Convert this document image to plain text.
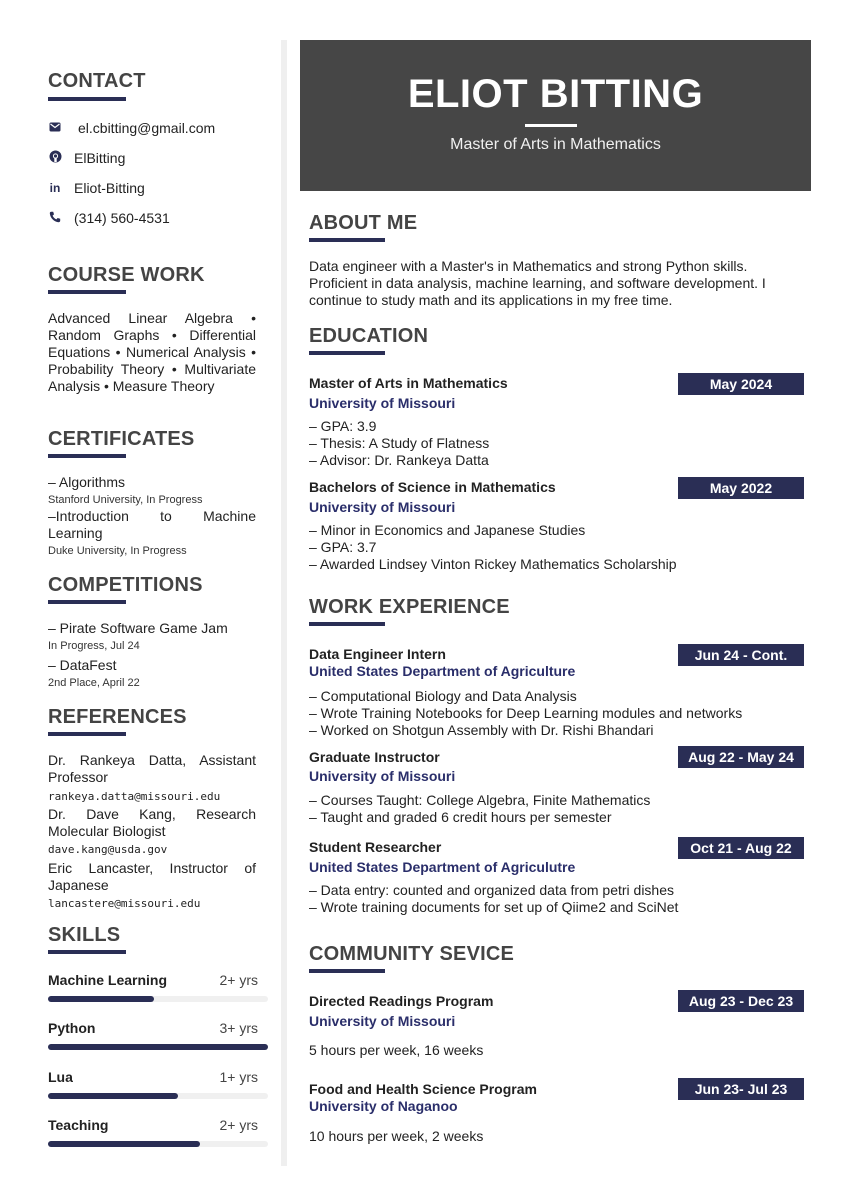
CONTACT
el.cbitting@gmail.com
ElBitting
in Eliot-Bitting
(314) 560-4531
COURSE WORK

Advanced Linear Algebra • Random Graphs • Differential Equations • Numerical Analysis • Probability Theory • Multivariate Analysis • Measure Theory

CERTIFICATES
– Algorithms
Stanford University, In Progress
–Introduction to Machine Learning
Duke University, In Progress
COMPETITIONS
– Pirate Software Game Jam
In Progress, Jul 24
– DataFest
2nd Place, April 22
REFERENCES
Dr. Rankeya Datta, Assistant Professor
rankeya.datta@missouri.edu
Dr. Dave Kang, Research Molecular Biologist
dave.kang@usda.gov
Eric Lancaster, Instructor of Japanese
lancastere@missouri.edu
SKILLS
Machine Learning	2+ yrs
Python	3+ yrs
Lua	1+ yrs
Teaching	2+ yrs
ELIOT BITTING
Master of Arts in Mathematics
ABOUT ME

Data engineer with a Master's in Mathematics and strong Python skills. Proficient in data analysis, machine learning, and software development. I continue to study math and its applications in my free time.

EDUCATION
Master of Arts in Mathematics	May 2024
University of Missouri
– GPA: 3.9
– Thesis: A Study of Flatness
– Advisor: Dr. Rankeya Datta
Bachelors of Science in Mathematics	May 2022
University of Missouri
– Minor in Economics and Japanese Studies
– GPA: 3.7
– Awarded Lindsey Vinton Rickey Mathematics Scholarship
WORK EXPERIENCE
Data Engineer Intern	Jun 24 - Cont.
United States Department of Agriculture
– Computational Biology and Data Analysis
– Wrote Training Notebooks for Deep Learning modules and networks
– Worked on Shotgun Assembly with Dr. Rishi Bhandari
Graduate Instructor	Aug 22 - May 24
University of Missouri
– Courses Taught: College Algebra, Finite Mathematics
– Taught and graded 6 credit hours per semester
Student Researcher	Oct 21 - Aug 22
United States Department of Agriculutre
– Data entry: counted and organized data from petri dishes
– Wrote training documents for set up of Qiime2 and SciNet
COMMUNITY SEVICE
Directed Readings Program	Aug 23 - Dec 23
University of Missouri
5 hours per week, 16 weeks
Food and Health Science Program	Jun 23- Jul 23
University of Naganoo
10 hours per week, 2 weeks
